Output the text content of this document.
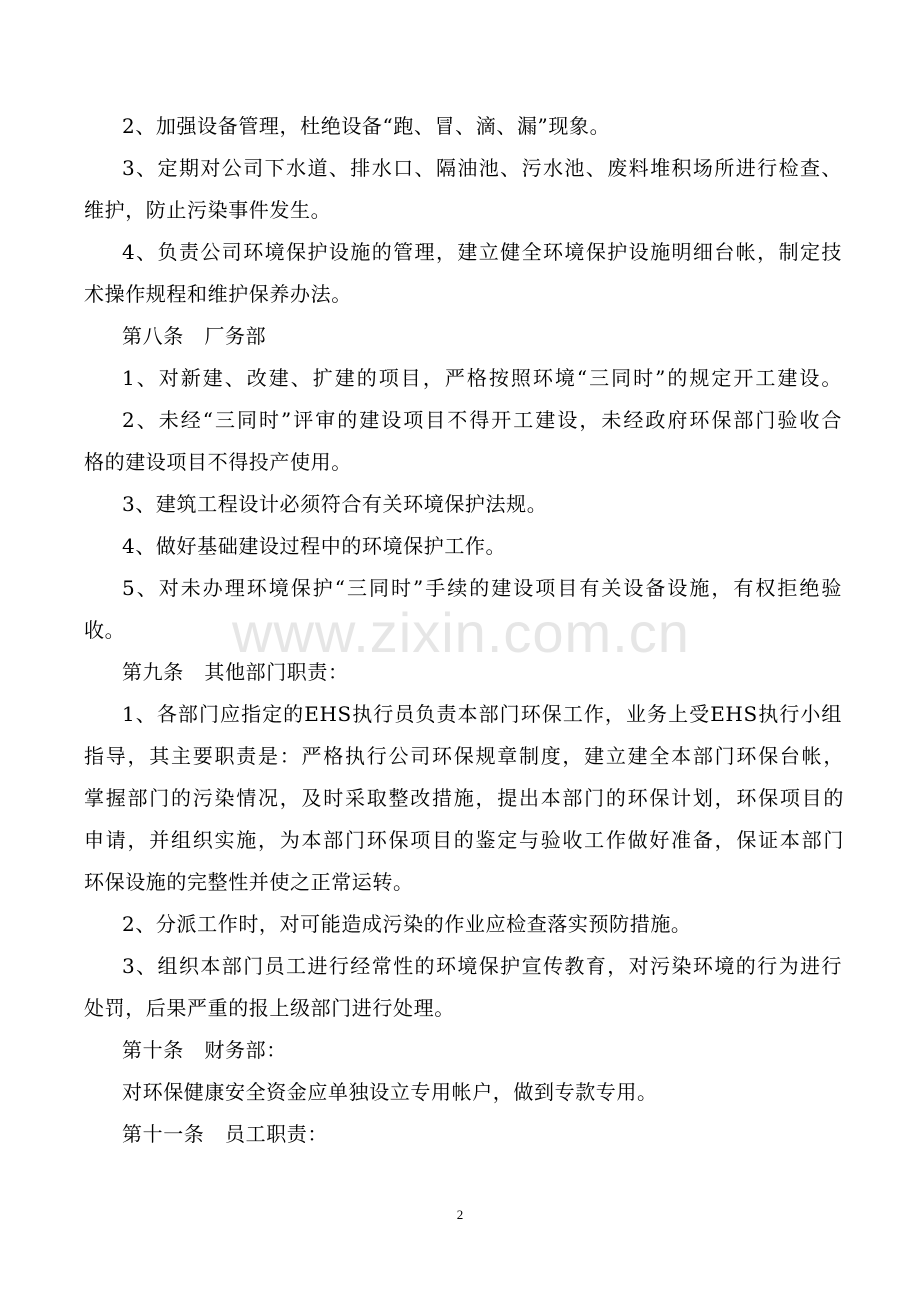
www.zixin.com.cn
2、加强设备管理，杜绝设备“跑、冒、滴、漏”现象。
3、定期对公司下水道、排水口、隔油池、污水池、废料堆积场所进行检查、
维护，防止污染事件发生。
4、负责公司环境保护设施的管理，建立健全环境保护设施明细台帐，制定技
术操作规程和维护保养办法。
第八条　厂务部
1、对新建、改建、扩建的项目，严格按照环境“三同时”的规定开工建设。
2、未经“三同时”评审的建设项目不得开工建设，未经政府环保部门验收合
格的建设项目不得投产使用。
3、建筑工程设计必须符合有关环境保护法规。
4、做好基础建设过程中的环境保护工作。
5、对未办理环境保护“三同时”手续的建设项目有关设备设施，有权拒绝验
收。
第九条　其他部门职责：
1、各部门应指定的EHS执行员负责本部门环保工作，业务上受EHS执行小组
指导，其主要职责是：严格执行公司环保规章制度，建立建全本部门环保台帐，
掌握部门的污染情况，及时采取整改措施，提出本部门的环保计划，环保项目的
申请，并组织实施，为本部门环保项目的鉴定与验收工作做好准备，保证本部门
环保设施的完整性并使之正常运转。
2、分派工作时，对可能造成污染的作业应检查落实预防措施。
3、组织本部门员工进行经常性的环境保护宣传教育，对污染环境的行为进行
处罚，后果严重的报上级部门进行处理。
第十条　财务部：
对环保健康安全资金应单独设立专用帐户，做到专款专用。
第十一条　员工职责：
2
